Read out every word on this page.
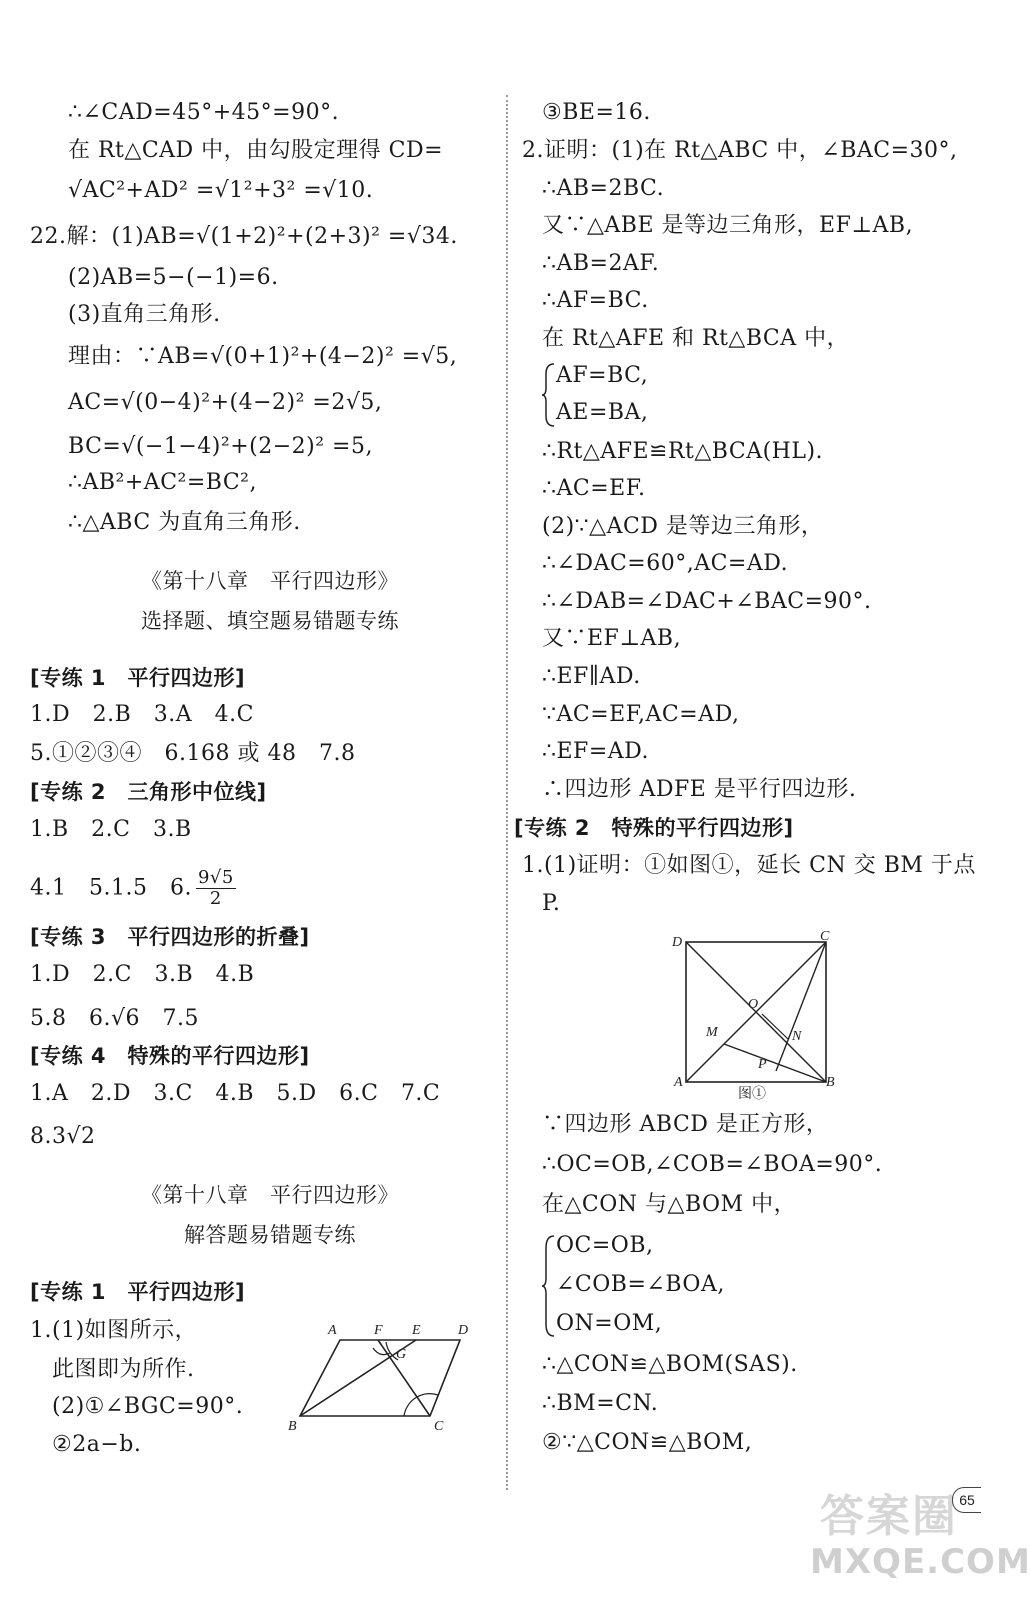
∴∠CAD=45°+45°=90°.
在 Rt△CAD 中，由勾股定理得 CD=
√AC²+AD² =√1²+3² =√10.
22.解：(1)AB=√(1+2)²+(2+3)² =√34.
(2)AB=5−(−1)=6.
(3)直角三角形.
理由：∵AB=√(0+1)²+(4−2)² =√5,
AC=√(0−4)²+(4−2)² =2√5,
BC=√(−1−4)²+(2−2)² =5,
∴AB²+AC²=BC²,
∴△ABC 为直角三角形.
《第十八章　平行四边形》
选择题、填空题易错题专练
[专练 1　平行四边形]
1.D　2.B　3.A　4.C
5.①②③④　6.168 或 48　7.8
[专练 2　三角形中位线]
1.B　2.C　3.B
4.1　5.1.5　6. $\frac{9√5}{2}$
[专练 3　平行四边形的折叠]
1.D　2.C　3.B　4.B
5.8　6.√6　7.5
[专练 4　特殊的平行四边形]
1.A　2.D　3.C　4.B　5.D　6.C　7.C
8.3√2
《第十八章　平行四边形》
解答题易错题专练
[专练 1　平行四边形]
1.(1)如图所示，
此图即为所作.
(2)①∠BGC=90°.
②2a−b.
A	F E	D
G
B	C
③BE=16.
2.证明：(1)在 Rt△ABC 中，∠BAC=30°,
∴AB=2BC.
又∵△ABE 是等边三角形，EF⊥AB,
∴AB=2AF.
∴AF=BC.
在 Rt△AFE 和 Rt△BCA 中，
AF=BC,
AE=BA,
∴Rt△AFE≌Rt△BCA(HL).
∴AC=EF.
(2)∵△ACD 是等边三角形，
∴∠DAC=60°,AC=AD.
∴∠DAB=∠DAC+∠BAC=90°.
又∵EF⊥AB,
∴EF∥AD.
∵AC=EF,AC=AD,
∴EF=AD.
∴四边形 ADFE 是平行四边形.
[专练 2　特殊的平行四边形]
1.(1)证明：①如图①，延长 CN 交 BM 于点
P.
∵四边形 ABCD 是正方形，
∴OC=OB,∠COB=∠BOA=90°.
在△CON 与△BOM 中，
OC=OB,
∠COB=∠BOA,
ON=OM,
∴△CON≌△BOM(SAS).
∴BM=CN.
②∵△CON≌△BOM,
D	C
O
M	N
P
A	B
图①
答案圈
MXQE.COM
65
